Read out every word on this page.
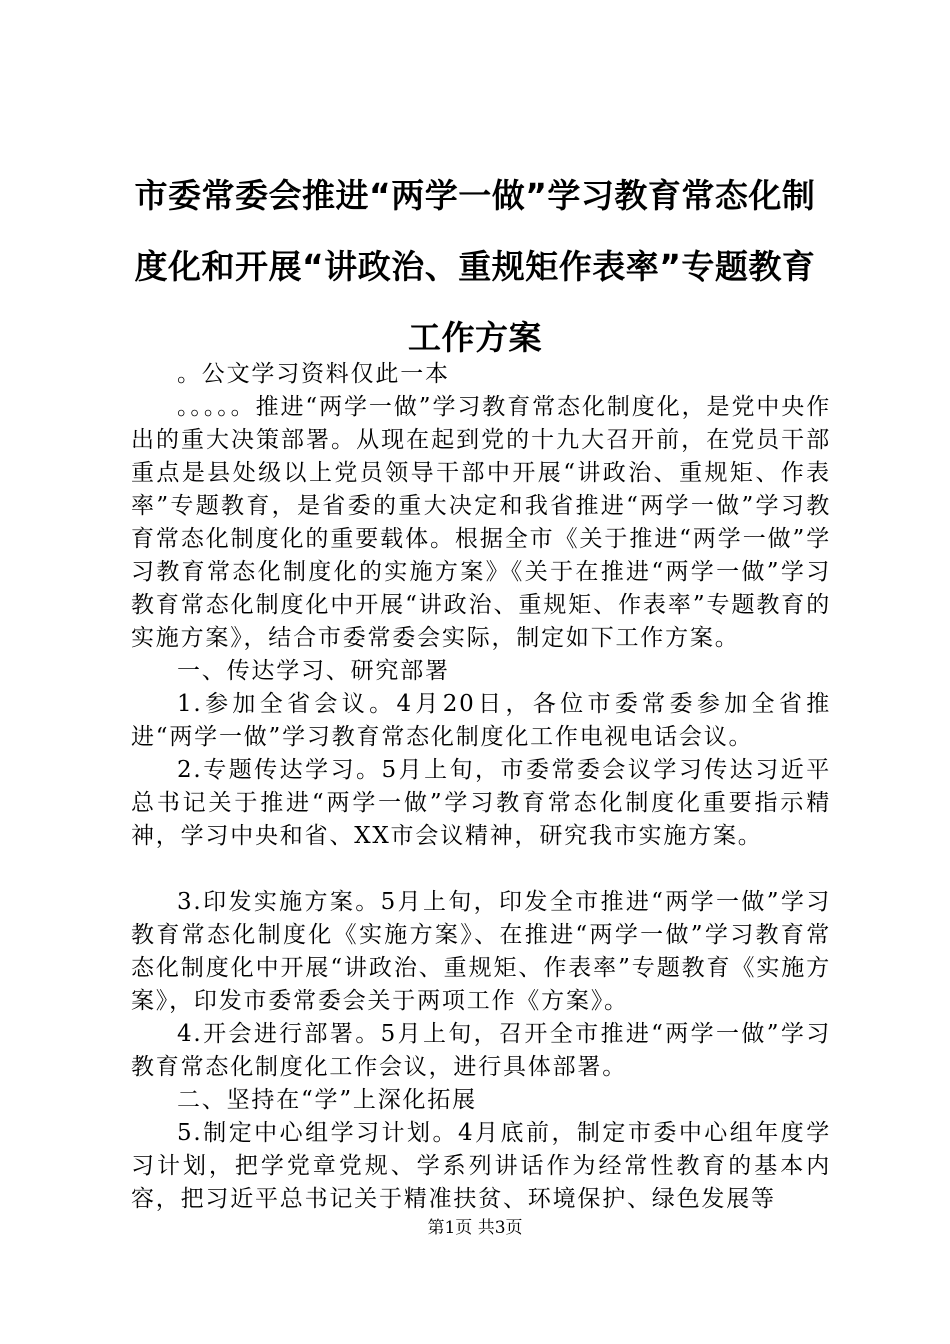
市委常委会推进“两学一做”学习教育常态化制度化和开展“讲政治、重规矩作表率”专题教育工作方案

。公文学习资料仅此一本

。。。。。推进“两学一做”学习教育常态化制度化，是党中央作出的重大决策部署。从现在起到党的十九大召开前，在党员干部重点是县处级以上党员领导干部中开展“讲政治、重规矩、作表率”专题教育，是省委的重大决定和我省推进“两学一做”学习教育常态化制度化的重要载体。根据全市《关于推进“两学一做”学习教育常态化制度化的实施方案》《关于在推进“两学一做”学习教育常态化制度化中开展“讲政治、重规矩、作表率”专题教育的实施方案》，结合市委常委会实际，制定如下工作方案。

一、传达学习、研究部署

1.参加全省会议。4月20日，各位市委常委参加全省推进“两学一做”学习教育常态化制度化工作电视电话会议。

2.专题传达学习。5月上旬，市委常委会议学习传达习近平总书记关于推进“两学一做”学习教育常态化制度化重要指示精神，学习中央和省、XX市会议精神，研究我市实施方案。

3.印发实施方案。5月上旬，印发全市推进“两学一做”学习教育常态化制度化《实施方案》、在推进“两学一做”学习教育常态化制度化中开展“讲政治、重规矩、作表率”专题教育《实施方案》，印发市委常委会关于两项工作《方案》。

4.开会进行部署。5月上旬，召开全市推进“两学一做”学习教育常态化制度化工作会议，进行具体部署。

二、坚持在“学”上深化拓展

5.制定中心组学习计划。4月底前，制定市委中心组年度学习计划，把学党章党规、学系列讲话作为经常性教育的基本内容，把习近平总书记关于精准扶贫、环境保护、绿色发展等

第1页 共3页
